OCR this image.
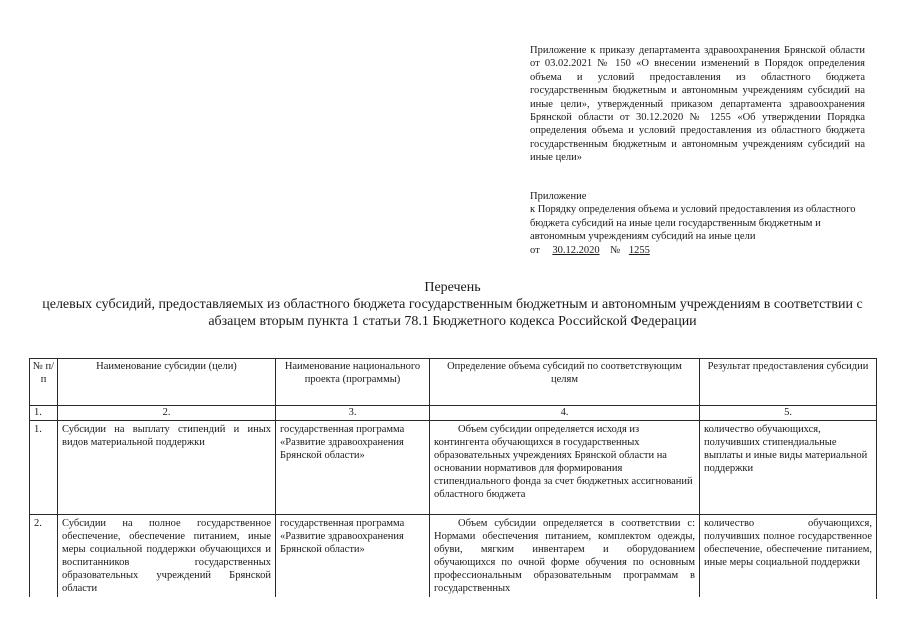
Приложение к приказу департамента здравоохранения Брянской области от 03.02.2021 № 150 «О внесении изменений в Порядок определения объема и условий предоставления из областного бюджета государственным бюджетным и автономным учреждениям субсидий на иные цели», утвержденный приказом департамента здравоохранения Брянской области от 30.12.2020 № 1255 «Об утверждении Порядка определения объема и условий предоставления из областного бюджета государственным бюджетным и автономным учреждениям субсидий на иные цели»

Приложение

к Порядку определения объема и условий предоставления из областного бюджета субсидий на иные цели государственным бюджетным и автономным учреждениям субсидий на иные цели

от 30.12.2020 № 1255

Перечень
целевых субсидий, предоставляемых из областного бюджета государственным бюджетным и автономным учреждениям в соответствии с абзацем вторым пункта 1 статьи 78.1 Бюджетного кодекса Российской Федерации
№ п/п	Наименование субсидии (цели)	Наименование национального проекта (программы)	Определение объема субсидий по соответствующим целям	Результат предоставления субсидии
1.	2.	3.	4.	5.
1.	Субсидии на выплату стипендий и иных видов материальной поддержки	государственная программа «Развитие здравоохранения Брянской области»	Объем субсидии определяется исходя из контингента обучающихся в государственных образовательных учреждениях Брянской области на основании нормативов для формирования стипендиального фонда за счет бюджетных ассигнований областного бюджета	количество обучающихся, получивших стипендиальные выплаты и иные виды материальной поддержки
2.	Субсидии на полное государственное обеспечение, обеспечение питанием, иные меры социальной поддержки обучающихся и воспитанников государственных образовательных учреждений Брянской области	государственная программа «Развитие здравоохранения Брянской области»	Объем субсидии определяется в соответствии с: Нормами обеспечения питанием, комплектом одежды, обуви, мягким инвентарем и оборудованием обучающихся по очной форме обучения по основным профессиональным образовательным программам в государственных	количество обучающихся, получивших полное государственное обеспечение, обеспечение питанием, иные меры социальной поддержки
